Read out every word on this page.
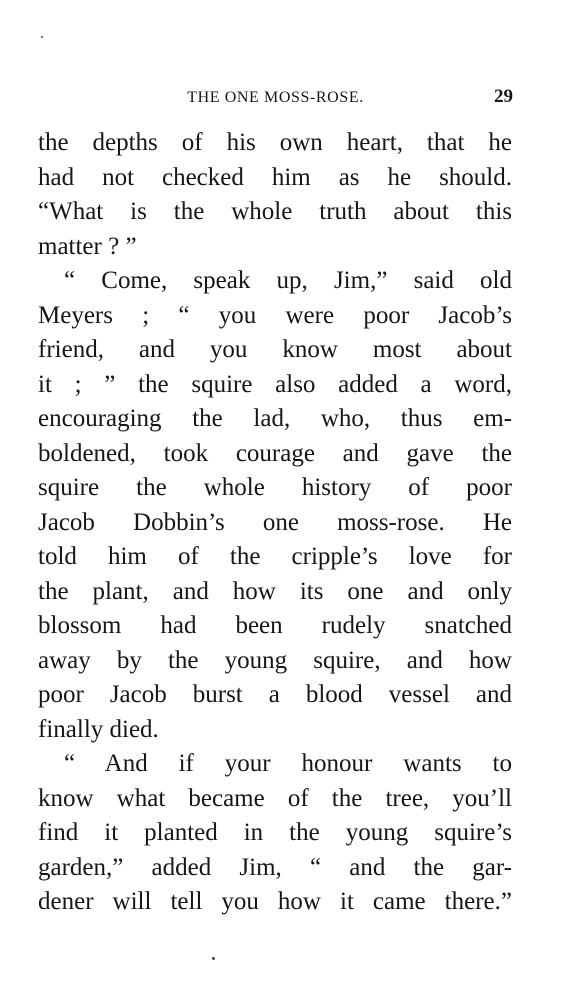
THE ONE MOSS-ROSE.	29
the depths of his own heart, that he
had not checked him as he should.
“What is the whole truth about this
matter ? ”
“ Come, speak up, Jim,” said old
Meyers ; “ you were poor Jacob’s
friend, and you know most about
it ; ” the squire also added a word,
encouraging the lad, who, thus em-
boldened, took courage and gave the
squire the whole history of poor
Jacob Dobbin’s one moss-rose. He
told him of the cripple’s love for
the plant, and how its one and only
blossom had been rudely snatched
away by the young squire, and how
poor Jacob burst a blood vessel and
finally died.
“ And if your honour wants to
know what became of the tree, you’ll
find it planted in the young squire’s
garden,” added Jim, “ and the gar-
dener will tell you how it came there.”
